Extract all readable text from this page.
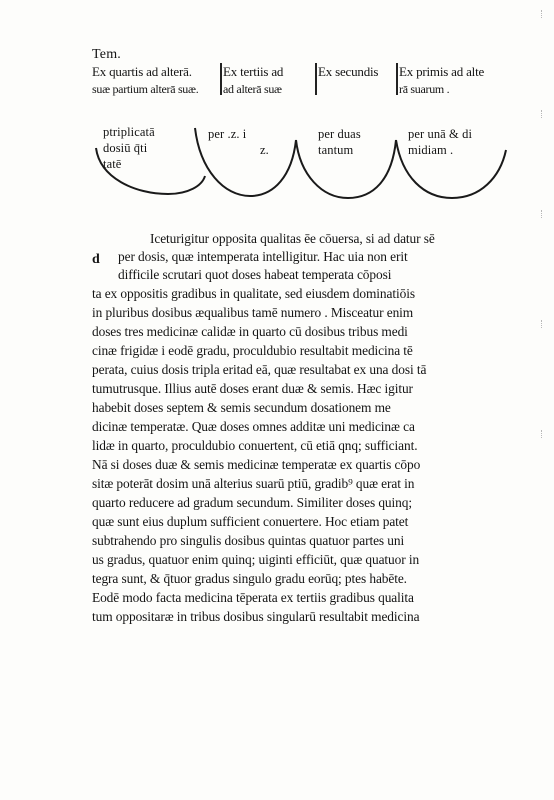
Tem.
Ex quartis ad alterā. Ex tertiis ad	Ex secundis Ex primis ad alte
suæ partium alterā suæ. ad alterā suæ	rā suarum .
ptriplicatā
dosiū q̄ti
tatē
per .z. i
z.
per duas
tantum
per unā & di
midiam .
d
Iceturigitur opposita qualitas ēe cōuersa, si ad datur sē
per dosis, quæ intemperata intelligitur. Hac uia non erit
difficile scrutari quot doses habeat temperata cōposi
ta ex oppositis gradibus in qualitate, sed eiusdem dominatiōis
in pluribus dosibus æqualibus tamē numero . Misceatur enim
doses tres medicinæ calidæ in quarto cū dosibus tribus medi
cinæ frigidæ i eodē gradu, proculdubio resultabit medicina tē
perata, cuius dosis tripla eritad eā, quæ resultabat ex una dosi tā
tumutrusque. Illius autē doses erant duæ & semis. Hæc igitur
habebit doses septem & semis secundum dosationem me
dicinæ temperatæ. Quæ doses omnes additæ uni medicinæ ca
lidæ in quarto, proculdubio conuertent, cū etiā qnq; sufficiant.
Nā si doses duæ & semis medicinæ temperatæ ex quartis cōpo
sitæ poterāt dosim unā alterius suarū ptiū, gradib⁹ quæ erat in
quarto reducere ad gradum secundum. Similiter doses quinq;
quæ sunt eius duplum sufficient conuertere. Hoc etiam patet
subtrahendo pro singulis dosibus quintas quatuor partes uni
us gradus, quatuor enim quinq; uiginti efficiūt, quæ quatuor in
tegra sunt, & q̄tuor gradus singulo gradu eorūq; ptes habēte.
Eodē modo facta medicina tēperata ex tertiis gradibus qualita
tum oppositaræ in tribus dosibus singularū resultabit medicina
